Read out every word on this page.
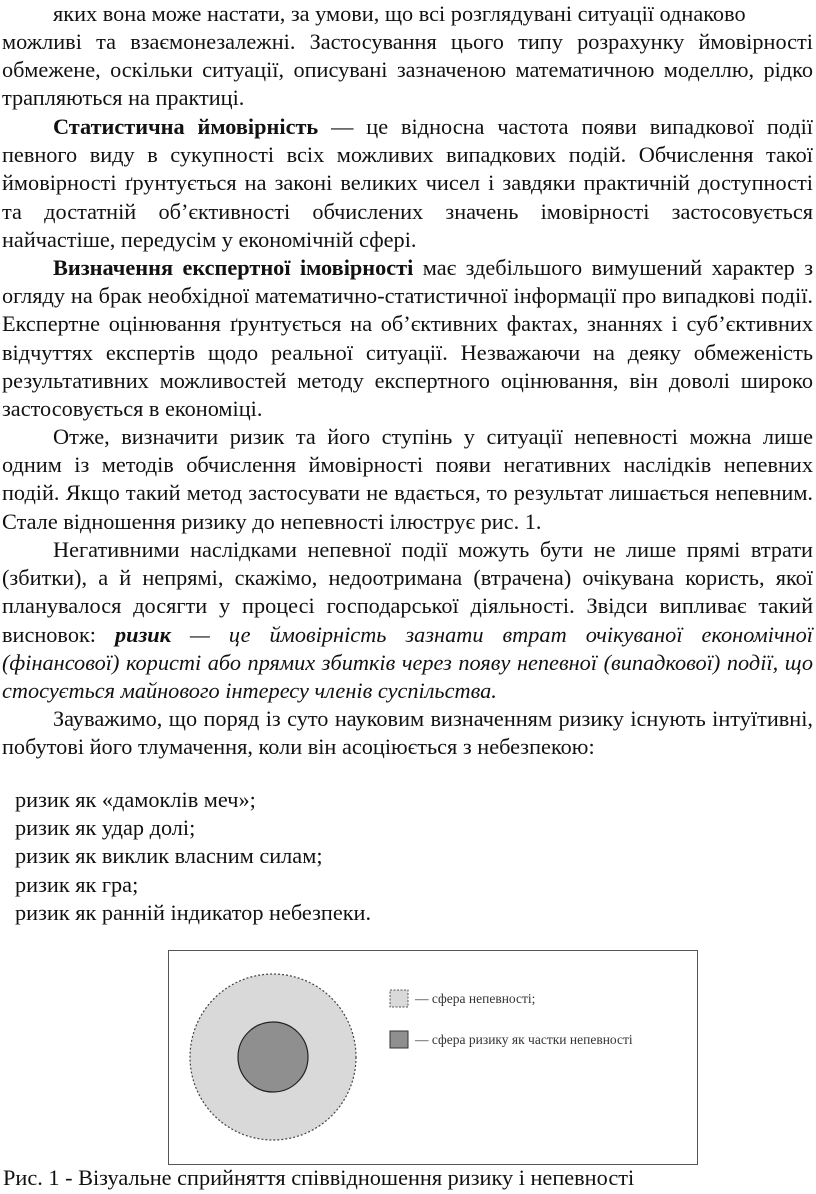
яких вона може настати, за умови, що всі розглядувані ситуації однаково

можливі та взаємонезалежні. Застосування цього типу розрахунку ймовірності обмежене, оскільки ситуації, описувані зазначеною математичною моделлю, рідко трапляються на практиці.

Статистична ймовірність — це відносна частота появи випадкової події певного виду в сукупності всіх можливих випадкових подій. Обчислення такої ймовірності ґрунтується на законі великих чисел і завдяки практичній доступності та достатній об’єктивності обчислених значень імовірності застосовується найчастіше, передусім у економічній сфері.

Визначення експертної імовірності має здебільшого вимушений характер з огляду на брак необхідної математично-статистичної інформації про випадкові події. Експертне оцінювання ґрунтується на об’єктивних фактах, знаннях і суб’єктивних відчуттях експертів щодо реальної ситуації. Незважаючи на деяку обмеженість результативних можливостей методу експертного оцінювання, він доволі широко застосовується в економіці.

Отже, визначити ризик та його ступінь у ситуації непевності можна лише одним із методів обчислення ймовірності появи негативних наслідків непевних подій. Якщо такий метод застосувати не вдається, то результат лишається непевним. Стале відношення ризику до непевності ілюструє рис. 1.

Негативними наслідками непевної події можуть бути не лише прямі втрати (збитки), а й непрямі, скажімо, недоотримана (втрачена) очікувана користь, якої планувалося досягти у процесі господарської діяльності. Звідси випливає такий висновок: ризик — це ймовірність зазнати втрат очікуваної економічної (фінансової) користі або прямих збитків через появу непевної (випадкової) події, що стосується майнового інтересу членів суспільства.

Зауважимо, що поряд із суто науковим визначенням ризику існують інтуїтивні, побутові його тлумачення, коли він асоціюється з небезпекою:

ризик як «дамоклів меч»;
ризик як удар долі;
ризик як виклик власним силам;
ризик як гра;
ризик як ранній індикатор небезпеки.
— сфера непевності;
— сфера ризику як частки непевності
Рис. 1 - Візуальне сприйняття співвідношення ризику і непевності
